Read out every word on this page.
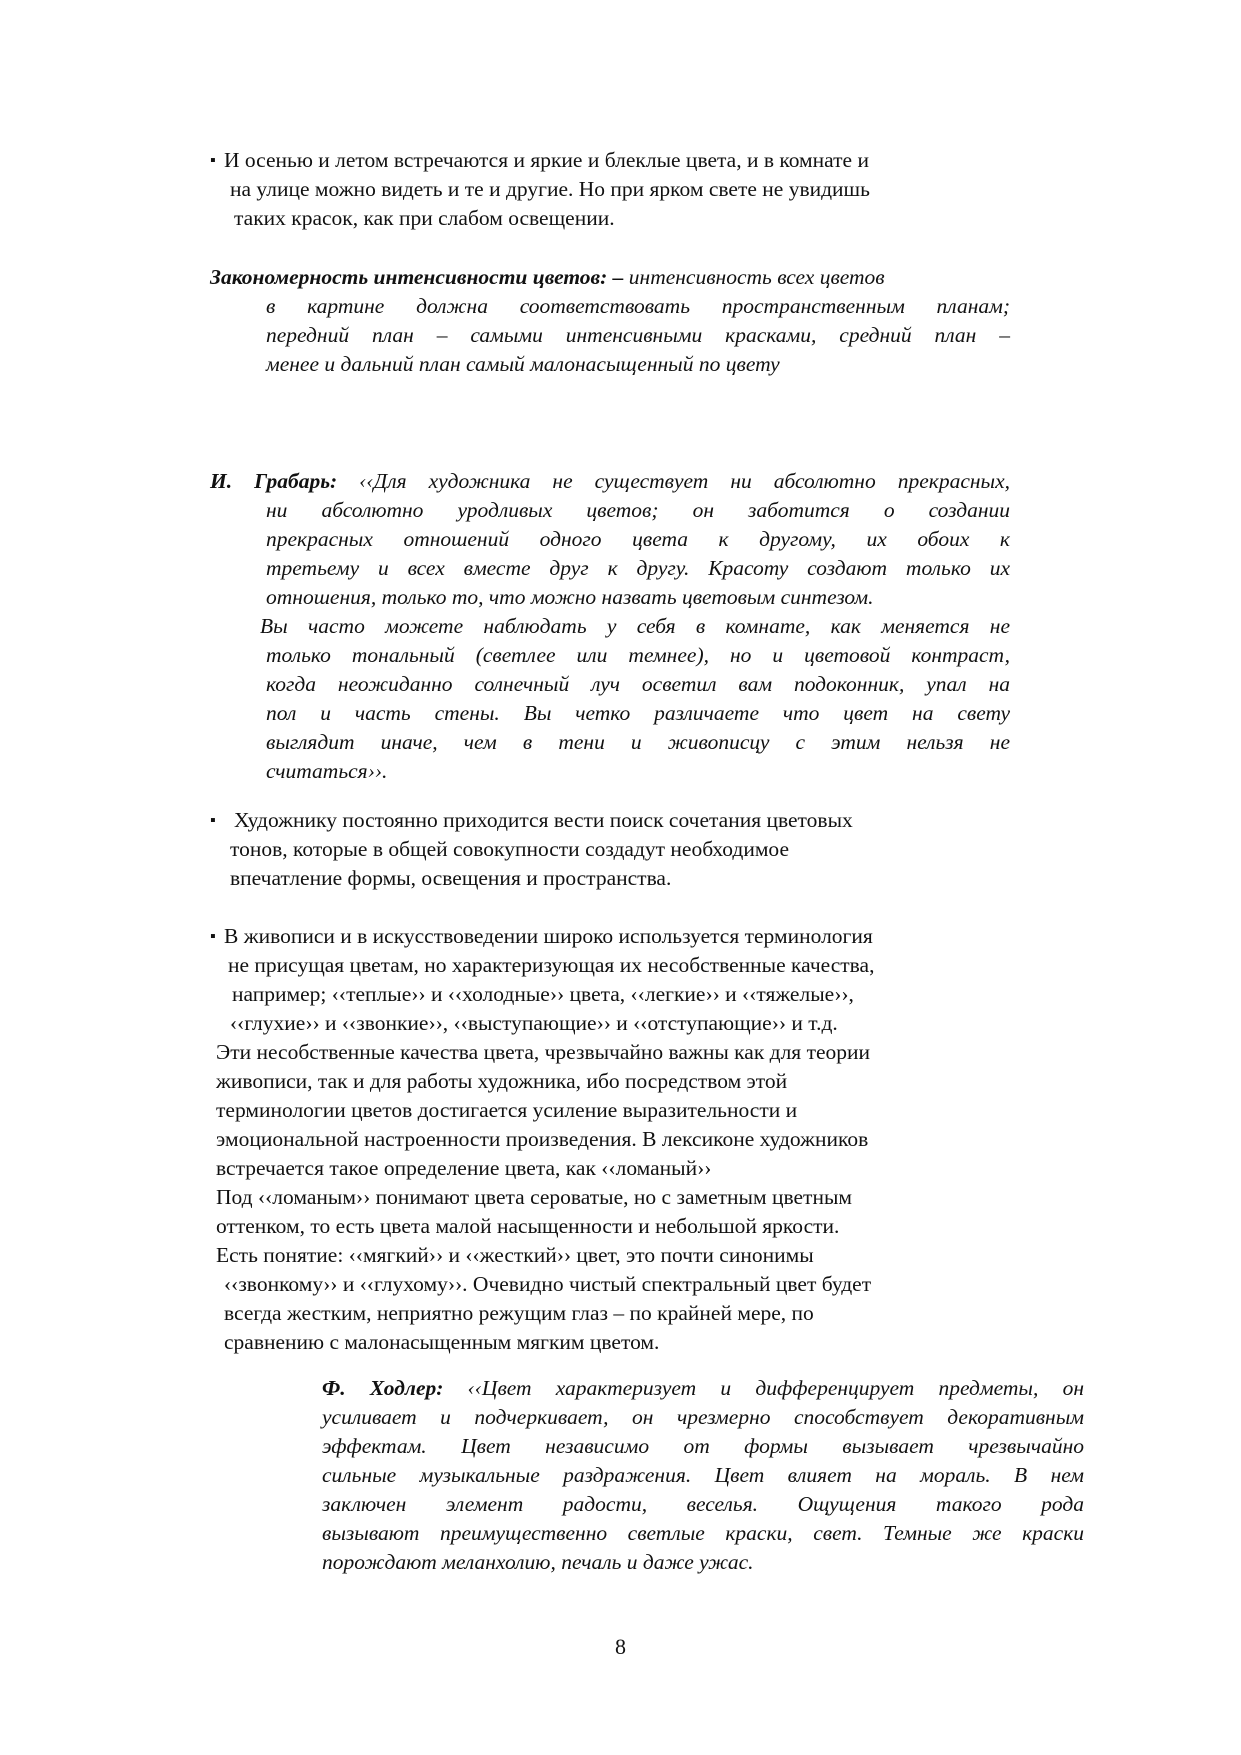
▪ И осенью и летом встречаются и яркие и блеклые цвета, и в комнате и
на улице можно видеть и те и другие. Но при ярком свете не увидишь
таких красок, как при слабом освещении.
Закономерность интенсивности цветов: – интенсивность всех цветов
в картине должна соответствовать пространственным планам;
передний план – самыми интенсивными красками, средний план –
менее и дальний план самый малонасыщенный по цвету
И. Грабарь: ‹‹Для художника не существует ни абсолютно прекрасных,
ни абсолютно уродливых цветов; он заботится о создании
прекрасных отношений одного цвета к другому, их обоих к
третьему и всех вместе друг к другу. Красоту создают только их
отношения, только то, что можно назвать цветовым синтезом.
Вы часто можете наблюдать у себя в комнате, как меняется не
только тональный (светлее или темнее), но и цветовой контраст,
когда неожиданно солнечный луч осветил вам подоконник, упал на
пол и часть стены. Вы четко различаете что цвет на свету
выглядит иначе, чем в тени и живописцу с этим нельзя не
считаться››.
▪ Художнику постоянно приходится вести поиск сочетания цветовых
тонов, которые в общей совокупности создадут необходимое
впечатление формы, освещения и пространства.
▪ В живописи и в искусствоведении широко используется терминология
не присущая цветам, но характеризующая их несобственные качества,
например; ‹‹теплые›› и ‹‹холодные›› цвета, ‹‹легкие›› и ‹‹тяжелые››,
‹‹глухие›› и ‹‹звонкие››, ‹‹выступающие›› и ‹‹отступающие›› и т.д.
Эти несобственные качества цвета, чрезвычайно важны как для теории
живописи, так и для работы художника, ибо посредством этой
терминологии цветов достигается усиление выразительности и
эмоциональной настроенности произведения. В лексиконе художников
встречается такое определение цвета, как ‹‹ломаный››
Под ‹‹ломаным›› понимают цвета сероватые, но с заметным цветным
оттенком, то есть цвета малой насыщенности и небольшой яркости.
Есть понятие: ‹‹мягкий›› и ‹‹жесткий›› цвет, это почти синонимы
‹‹звонкому›› и ‹‹глухому››. Очевидно чистый спектральный цвет будет
всегда жестким, неприятно режущим глаз – по крайней мере, по
сравнению с малонасыщенным мягким цветом.
Ф. Ходлер: ‹‹Цвет характеризует и дифференцирует предметы, он
усиливает и подчеркивает, он чрезмерно способствует декоративным
эффектам. Цвет независимо от формы вызывает чрезвычайно
сильные музыкальные раздражения. Цвет влияет на мораль. В нем
заключен элемент радости, веселья. Ощущения такого рода
вызывают преимущественно светлые краски, свет. Темные же краски
порождают меланхолию, печаль и даже ужас.
8
